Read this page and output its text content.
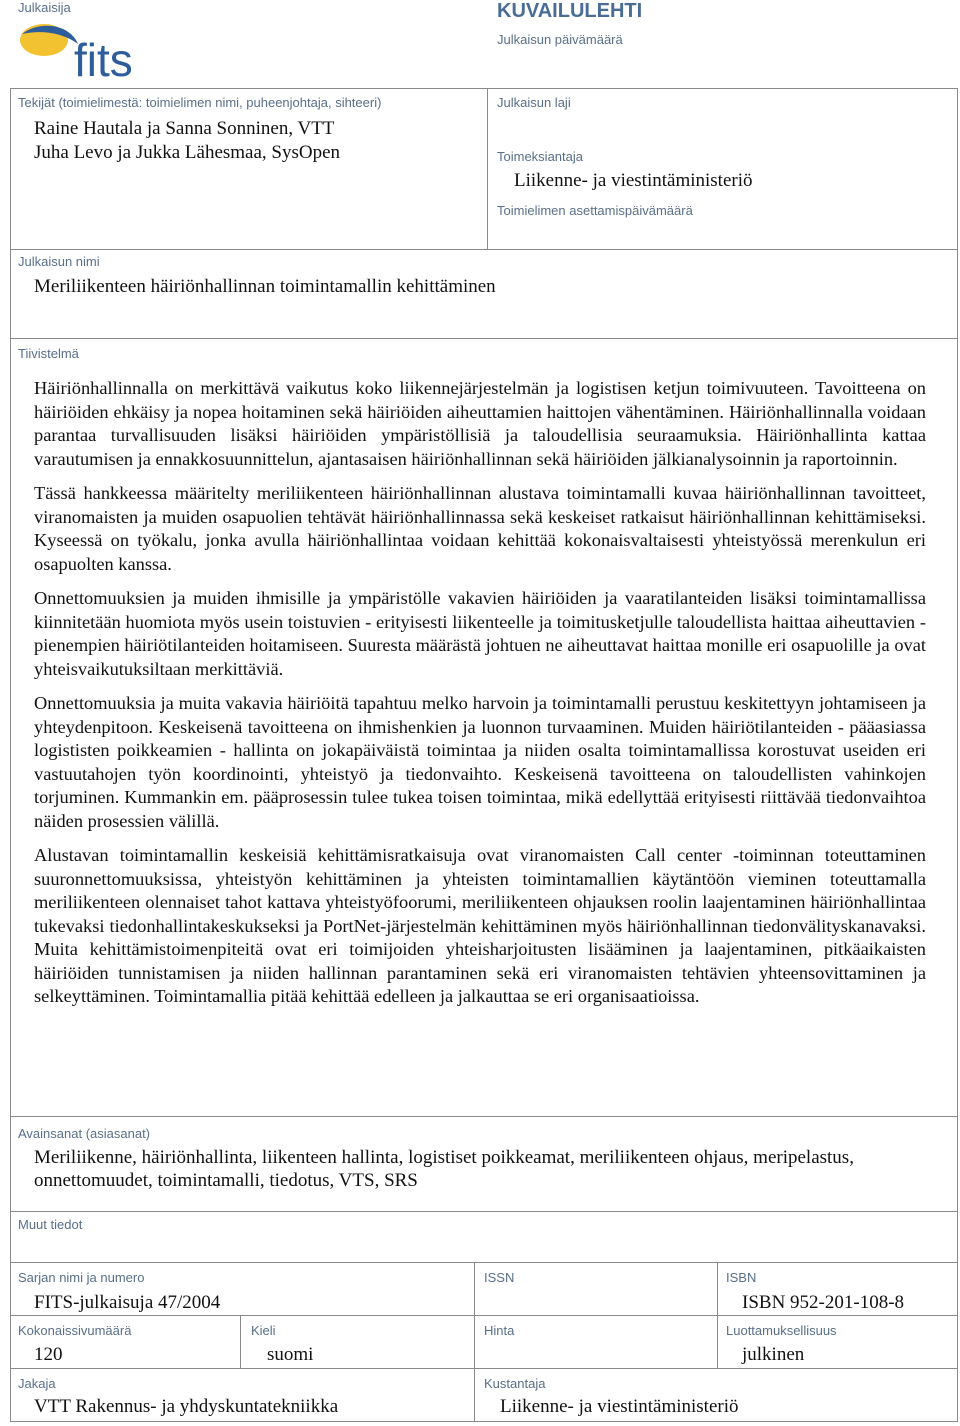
Julkaisija
fits
KUVAILULEHTI
Julkaisun päivämäärä
Tekijät (toimielimestä: toimielimen nimi, puheenjohtaja, sihteeri)
Raine Hautala ja Sanna Sonninen, VTT
Juha Levo ja Jukka Lähesmaa, SysOpen
Julkaisun laji
Toimeksiantaja
Liikenne- ja viestintäministeriö
Toimielimen asettamispäivämäärä
Julkaisun nimi
Meriliikenteen häiriönhallinnan toimintamallin kehittäminen
Tiivistelmä

Häiriönhallinnalla on merkittävä vaikutus koko liikennejärjestelmän ja logistisen ketjun toimivuuteen. Tavoitteena on häiriöiden ehkäisy ja nopea hoitaminen sekä häiriöiden aiheuttamien haittojen vähentäminen. Häiriönhallinnalla voidaan parantaa turvallisuuden lisäksi häiriöiden ympäristöllisiä ja taloudellisia seuraamuksia. Häiriönhallinta kattaa varautumisen ja ennakkosuunnittelun, ajantasaisen häiriönhallinnan sekä häiriöiden jälkianalysoinnin ja raportoinnin.

Tässä hankkeessa määritelty meriliikenteen häiriönhallinnan alustava toimintamalli kuvaa häiriönhallinnan tavoitteet, viranomaisten ja muiden osapuolien tehtävät häiriönhallinnassa sekä keskeiset ratkaisut häiriönhallinnan kehittämiseksi. Kyseessä on työkalu, jonka avulla häiriönhallintaa voidaan kehittää kokonaisvaltaisesti yhteistyössä merenkulun eri osapuolten kanssa.

Onnettomuuksien ja muiden ihmisille ja ympäristölle vakavien häiriöiden ja vaaratilanteiden lisäksi toimintamallissa kiinnitetään huomiota myös usein toistuvien - erityisesti liikenteelle ja toimitusketjulle taloudellista haittaa aiheuttavien - pienempien häiriötilanteiden hoitamiseen. Suuresta määrästä johtuen ne aiheuttavat haittaa monille eri osapuolille ja ovat yhteisvaikutuksiltaan merkittäviä.

Onnettomuuksia ja muita vakavia häiriöitä tapahtuu melko harvoin ja toimintamalli perustuu keskitettyyn johtamiseen ja yhteydenpitoon. Keskeisenä tavoitteena on ihmishenkien ja luonnon turvaaminen. Muiden häiriötilanteiden - pääasiassa logististen poikkeamien - hallinta on jokapäiväistä toimintaa ja niiden osalta toimintamallissa korostuvat useiden eri vastuutahojen työn koordinointi, yhteistyö ja tiedonvaihto. Keskeisenä tavoitteena on taloudellisten vahinkojen torjuminen. Kummankin em. pääprosessin tulee tukea toisen toimintaa, mikä edellyttää erityisesti riittävää tiedonvaihtoa näiden prosessien välillä.

Alustavan toimintamallin keskeisiä kehittämisratkaisuja ovat viranomaisten Call center -toiminnan toteuttaminen suuronnettomuuksissa, yhteistyön kehittäminen ja yhteisten toimintamallien käytäntöön vieminen toteuttamalla meriliikenteen olennaiset tahot kattava yhteistyöfoorumi, meriliikenteen ohjauksen roolin laajentaminen häiriönhallintaa tukevaksi tiedonhallintakeskukseksi ja PortNet-järjestelmän kehittäminen myös häiriönhallinnan tiedonvälityskanavaksi. Muita kehittämistoimenpiteitä ovat eri toimijoiden yhteisharjoitusten lisääminen ja laajentaminen, pitkäaikaisten häiriöiden tunnistamisen ja niiden hallinnan parantaminen sekä eri viranomaisten tehtävien yhteensovittaminen ja selkeyttäminen. Toimintamallia pitää kehittää edelleen ja jalkauttaa se eri organisaatioissa.

Avainsanat (asiasanat)
Meriliikenne, häiriönhallinta, liikenteen hallinta, logistiset poikkeamat, meriliikenteen ohjaus, meripelastus,
onnettomuudet, toimintamalli, tiedotus, VTS, SRS
Muut tiedot
Sarjan nimi ja numero
FITS-julkaisuja 47/2004
ISSN	ISBN
ISBN 952-201-108-8
Kokonaissivumäärä
120
Kieli
suomi
Hinta	Luottamuksellisuus
julkinen
Jakaja
VTT Rakennus- ja yhdyskuntatekniikka
Kustantaja
Liikenne- ja viestintäministeriö
